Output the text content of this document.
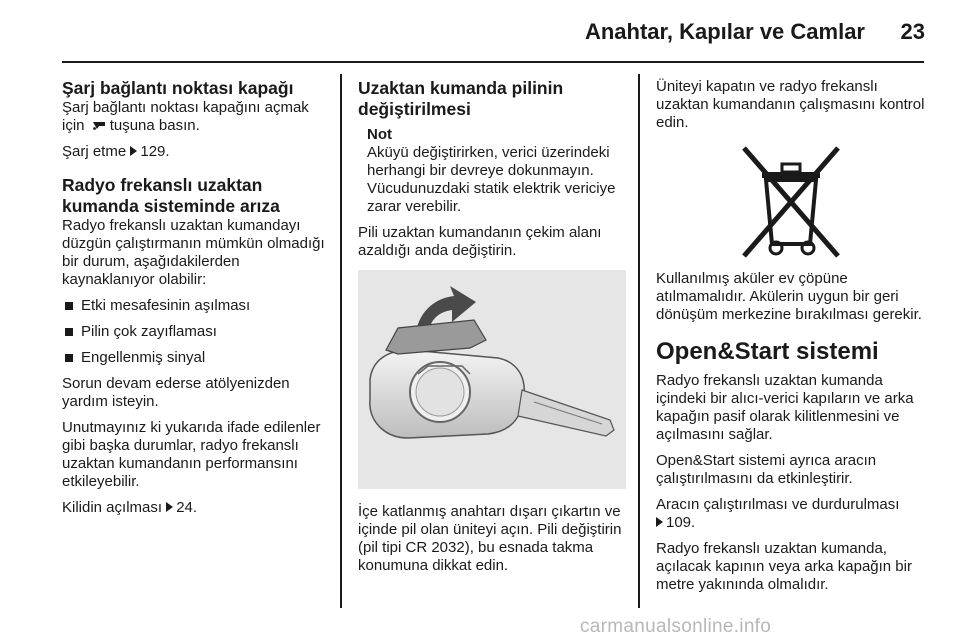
Anahtar, Kapılar ve Camlar	23
Şarj bağlantı noktası kapağı

Şarj bağlantı noktası kapağını açmak için tuşuna basın.

Şarj etme 129.

Radyo frekanslı uzaktan kumanda sisteminde arıza

Radyo frekanslı uzaktan kumandayı düzgün çalıştırmanın mümkün olmadığı bir durum, aşağıdakilerden kaynaklanıyor olabilir:

Etki mesafesinin aşılması
Pilin çok zayıflaması
Engellenmiş sinyal

Sorun devam ederse atölyenizden yardım isteyin.

Unutmayınız ki yukarıda ifade edilenler gibi başka durumlar, radyo frekanslı uzaktan kumandanın performansını etkileyebilir.

Kilidin açılması 24.

Uzaktan kumanda pilinin değiştirilmesi
Not

Aküyü değiştirirken, verici üzerindeki herhangi bir devreye dokunmayın. Vücudunuzdaki statik elektrik vericiye zarar verebilir.

Pili uzaktan kumandanın çekim alanı azaldığı anda değiştirin.

İçe katlanmış anahtarı dışarı çıkartın ve içinde pil olan üniteyi açın. Pili değiştirin (pil tipi CR 2032), bu esnada takma konumuna dikkat edin.

Üniteyi kapatın ve radyo frekanslı uzaktan kumandanın çalışmasını kontrol edin.

Kullanılmış aküler ev çöpüne atılmamalıdır. Akülerin uygun bir geri dönüşüm merkezine bırakılması gerekir.

Open&Start sistemi

Radyo frekanslı uzaktan kumanda içindeki bir alıcı-verici kapıların ve arka kapağın pasif olarak kilitlenmesini ve açılmasını sağlar.

Open&Start sistemi ayrıca aracın çalıştırılmasını da etkinleştirir.

Aracın çalıştırılması ve durdurulması
109.

Radyo frekanslı uzaktan kumanda, açılacak kapının veya arka kapağın bir metre yakınında olmalıdır.

carmanualsonline.info
